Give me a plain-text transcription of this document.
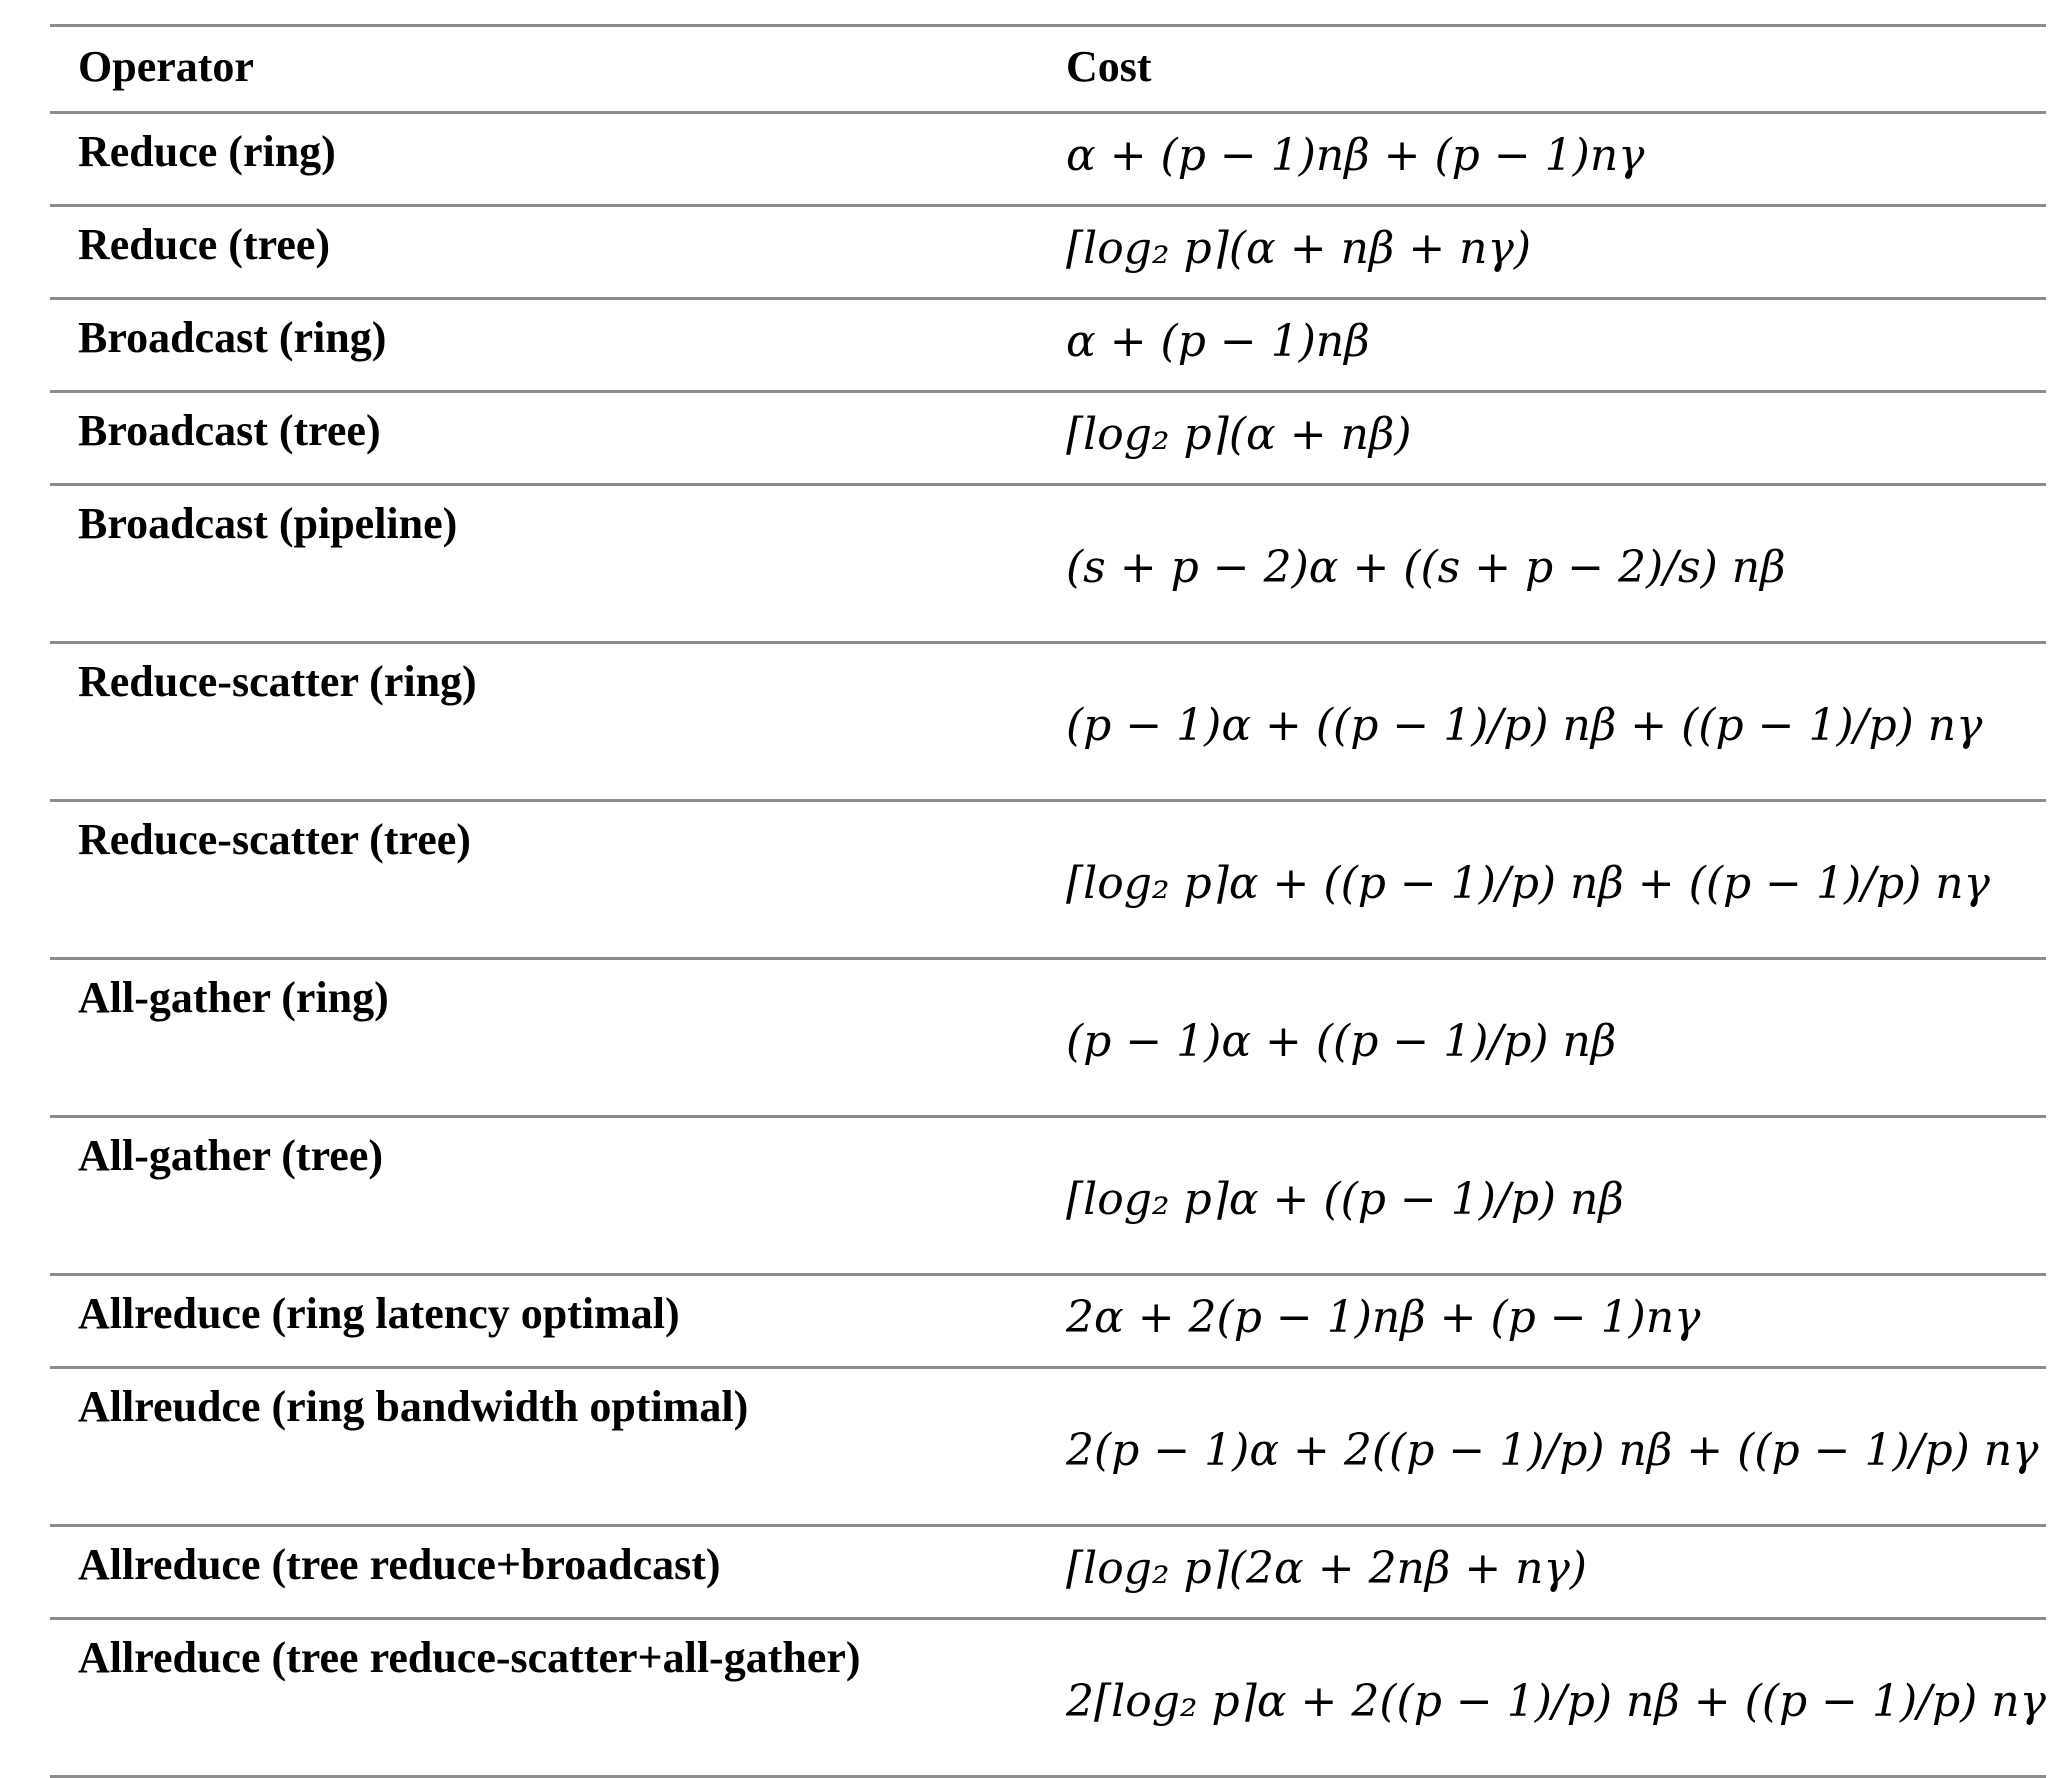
Operator	Cost
Reduce (ring)	α + (p − 1)nβ + (p − 1)nγ
Reduce (tree)	⌈log₂ p⌉(α + nβ + nγ)
Broadcast (ring)	α + (p − 1)nβ
Broadcast (tree)	⌈log₂ p⌉(α + nβ)
Broadcast (pipeline)	(s + p − 2)α + ((s + p − 2)/s) nβ
Reduce-scatter (ring)	(p − 1)α + ((p − 1)/p) nβ + ((p − 1)/p) nγ
Reduce-scatter (tree)	⌈log₂ p⌉α + ((p − 1)/p) nβ + ((p − 1)/p) nγ
All-gather (ring)	(p − 1)α + ((p − 1)/p) nβ
All-gather (tree)	⌈log₂ p⌉α + ((p − 1)/p) nβ
Allreduce (ring latency optimal)	2α + 2(p − 1)nβ + (p − 1)nγ
Allreudce (ring bandwidth optimal)	2(p − 1)α + 2((p − 1)/p) nβ + ((p − 1)/p) nγ
Allreduce (tree reduce+broadcast)	⌈log₂ p⌉(2α + 2nβ + nγ)
Allreduce (tree reduce-scatter+all-gather)	2⌈log₂ p⌉α + 2((p − 1)/p) nβ + ((p − 1)/p) nγ
